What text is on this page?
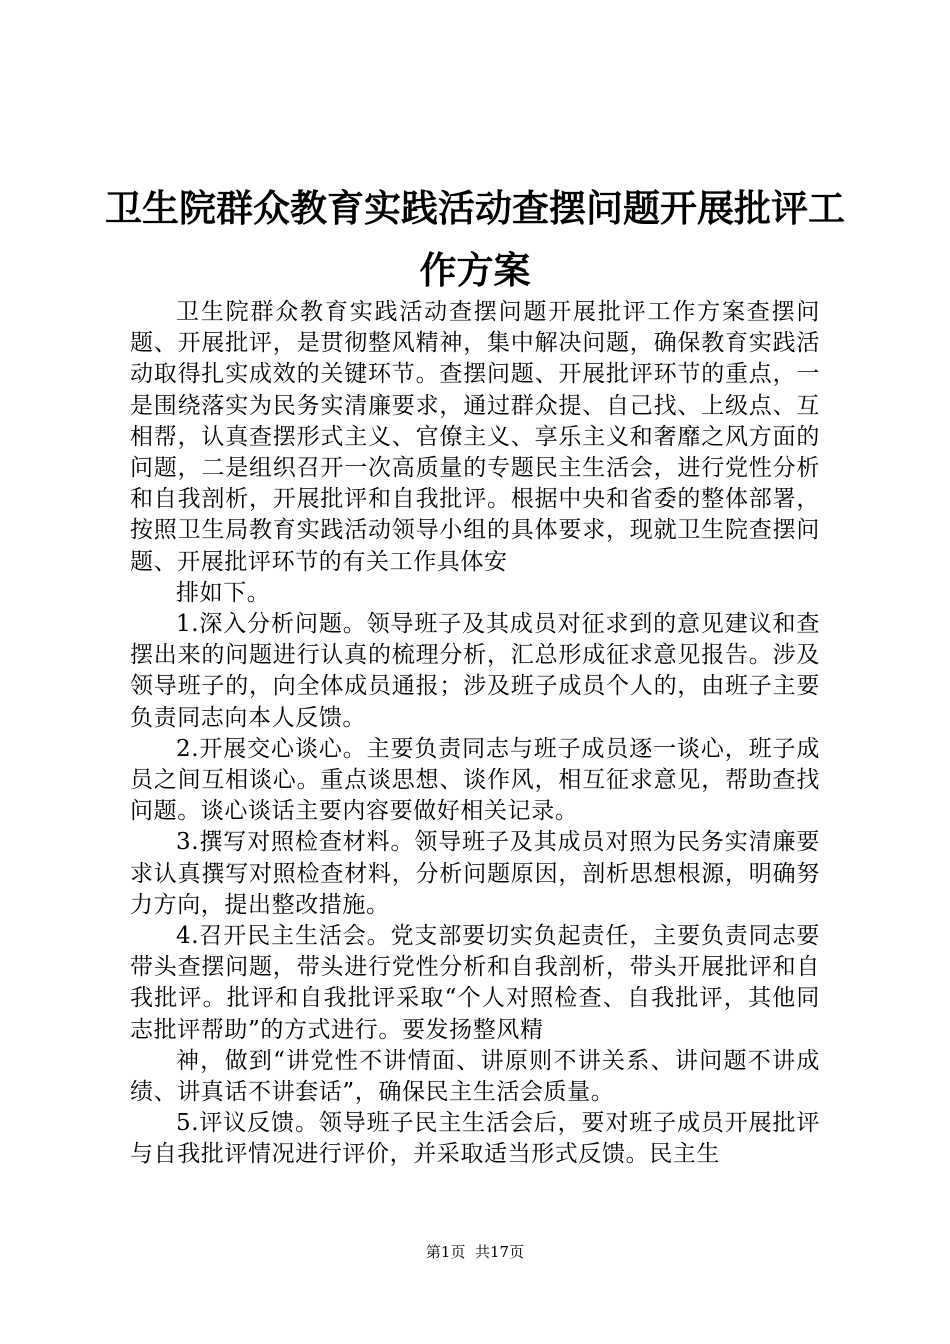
卫生院群众教育实践活动查摆问题开展批评工作方案

卫生院群众教育实践活动查摆问题开展批评工作方案查摆问题、开展批评，是贯彻整风精神，集中解决问题，确保教育实践活动取得扎实成效的关键环节。查摆问题、开展批评环节的重点，一是围绕落实为民务实清廉要求，通过群众提、自己找、上级点、互相帮，认真查摆形式主义、官僚主义、享乐主义和奢靡之风方面的问题，二是组织召开一次高质量的专题民主生活会，进行党性分析和自我剖析，开展批评和自我批评。根据中央和省委的整体部署，按照卫生局教育实践活动领导小组的具体要求，现就卫生院查摆问题、开展批评环节的有关工作具体安

排如下。

1.深入分析问题。领导班子及其成员对征求到的意见建议和查摆出来的问题进行认真的梳理分析，汇总形成征求意见报告。涉及领导班子的，向全体成员通报；涉及班子成员个人的，由班子主要负责同志向本人反馈。

2.开展交心谈心。主要负责同志与班子成员逐一谈心，班子成员之间互相谈心。重点谈思想、谈作风，相互征求意见，帮助查找问题。谈心谈话主要内容要做好相关记录。

3.撰写对照检查材料。领导班子及其成员对照为民务实清廉要求认真撰写对照检查材料，分析问题原因，剖析思想根源，明确努力方向，提出整改措施。

4.召开民主生活会。党支部要切实负起责任，主要负责同志要带头查摆问题，带头进行党性分析和自我剖析，带头开展批评和自我批评。批评和自我批评采取“个人对照检查、自我批评，其他同志批评帮助”的方式进行。要发扬整风精

神，做到“讲党性不讲情面、讲原则不讲关系、讲问题不讲成绩、讲真话不讲套话”，确保民主生活会质量。

5.评议反馈。领导班子民主生活会后，要对班子成员开展批评与自我批评情况进行评价，并采取适当形式反馈。民主生

第1页  共17页
